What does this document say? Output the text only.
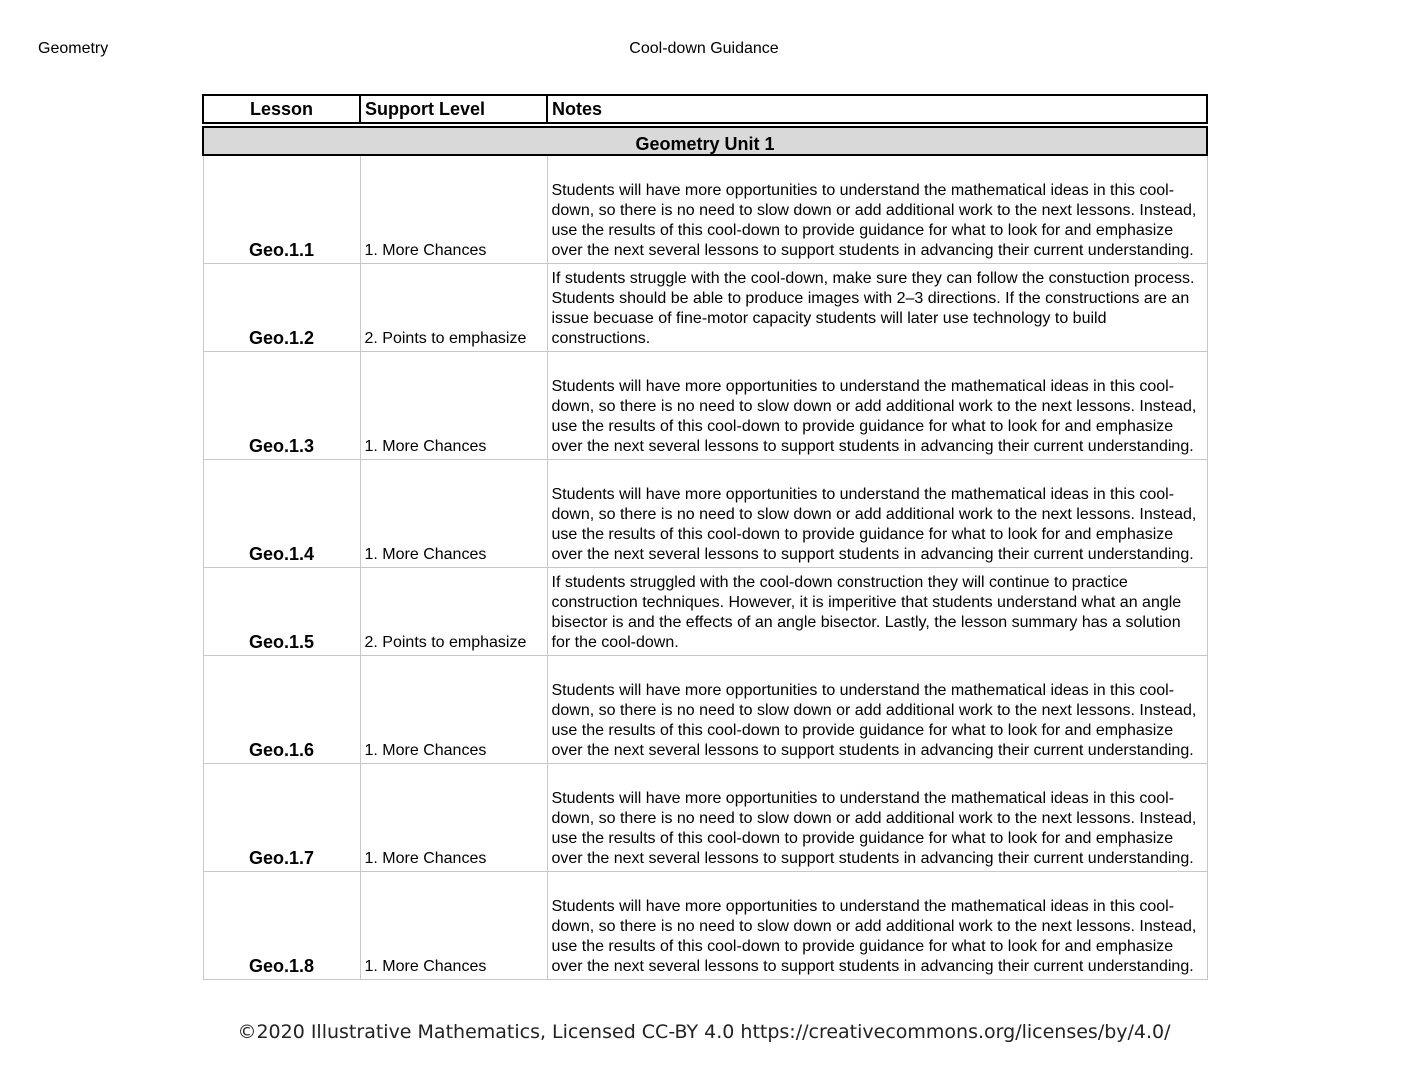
Geometry	Cool-down Guidance
Lesson	Support Level	Notes

Geometry Unit 1		
Geo.1.1	1. More Chances	Students will have more opportunities to understand the mathematical ideas in this cool-down, so there is no need to slow down or add additional work to the next lessons. Instead, use the results of this cool-down to provide guidance for what to look for and emphasize over the next several lessons to support students in advancing their current understanding.
Geo.1.2	2. Points to emphasize	If students struggle with the cool-down, make sure they can follow the constuction process. Students should be able to produce images with 2–3 directions. If the constructions are an issue becuase of fine-motor capacity students will later use technology to build constructions.
Geo.1.3	1. More Chances	Students will have more opportunities to understand the mathematical ideas in this cool-down, so there is no need to slow down or add additional work to the next lessons. Instead, use the results of this cool-down to provide guidance for what to look for and emphasize over the next several lessons to support students in advancing their current understanding.
Geo.1.4	1. More Chances	Students will have more opportunities to understand the mathematical ideas in this cool-down, so there is no need to slow down or add additional work to the next lessons. Instead, use the results of this cool-down to provide guidance for what to look for and emphasize over the next several lessons to support students in advancing their current understanding.
Geo.1.5	2. Points to emphasize	If students struggled with the cool-down construction they will continue to practice construction techniques. However, it is imperitive that students understand what an angle bisector is and the effects of an angle bisector. Lastly, the lesson summary has a solution for the cool-down.
Geo.1.6	1. More Chances	Students will have more opportunities to understand the mathematical ideas in this cool-down, so there is no need to slow down or add additional work to the next lessons. Instead, use the results of this cool-down to provide guidance for what to look for and emphasize over the next several lessons to support students in advancing their current understanding.
Geo.1.7	1. More Chances	Students will have more opportunities to understand the mathematical ideas in this cool-down, so there is no need to slow down or add additional work to the next lessons. Instead, use the results of this cool-down to provide guidance for what to look for and emphasize over the next several lessons to support students in advancing their current understanding.
Geo.1.8	1. More Chances	Students will have more opportunities to understand the mathematical ideas in this cool-down, so there is no need to slow down or add additional work to the next lessons. Instead, use the results of this cool-down to provide guidance for what to look for and emphasize over the next several lessons to support students in advancing their current understanding.
©2020 Illustrative Mathematics, Licensed CC-BY 4.0 https://creativecommons.org/licenses/by/4.0/
